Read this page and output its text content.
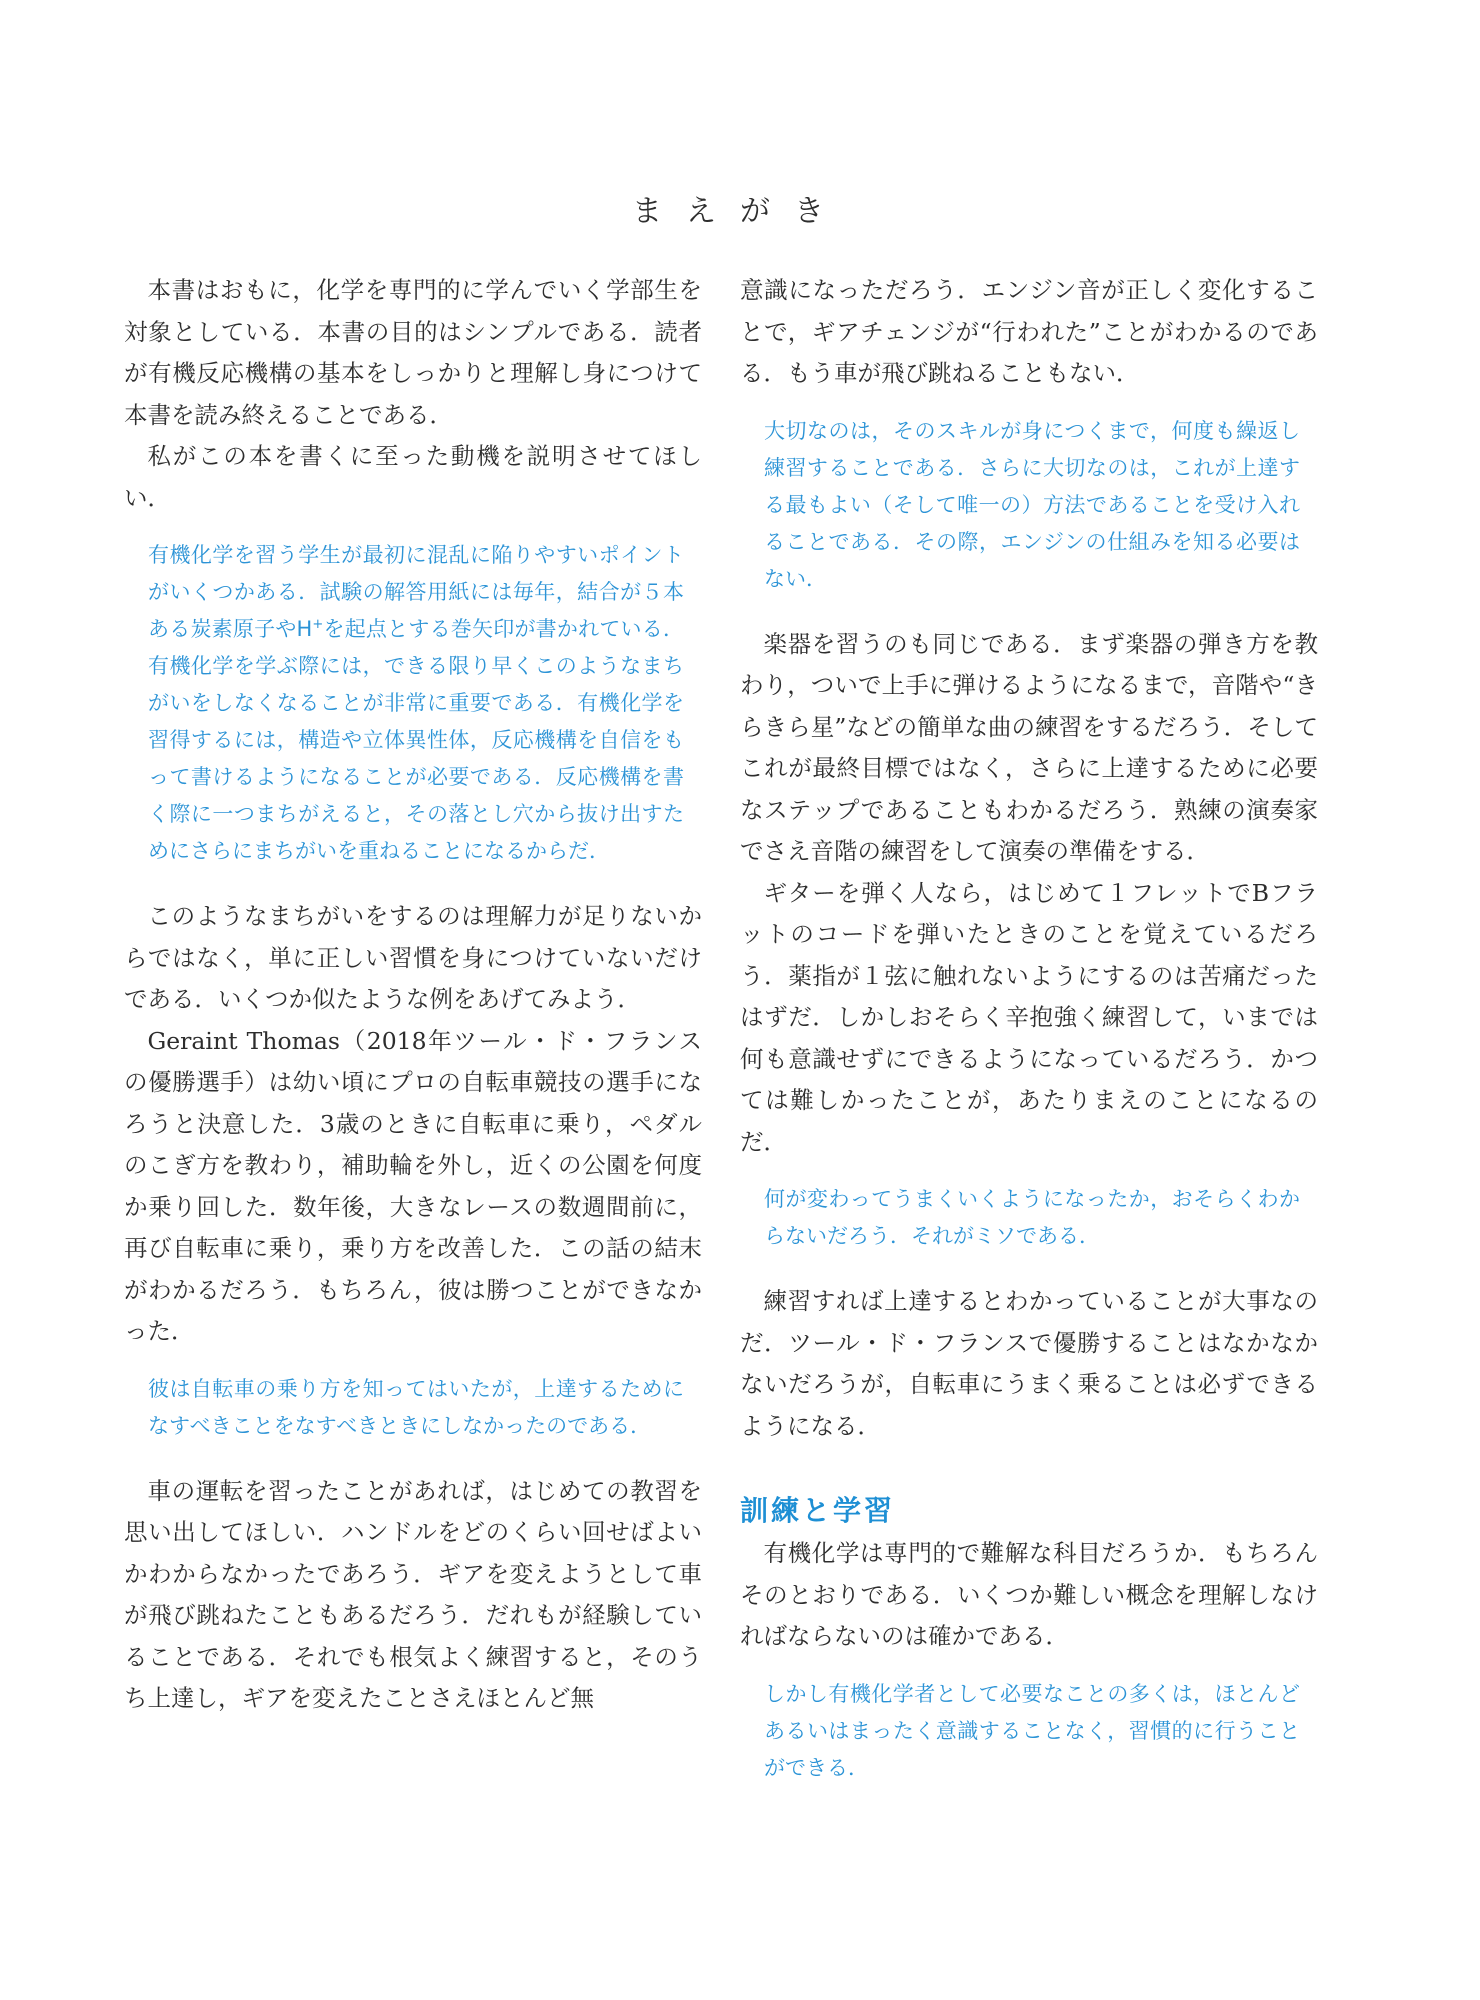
まえがき

本書はおもに，化学を専門的に学んでいく学部生を対象としている．本書の目的はシンプルである．読者が有機反応機構の基本をしっかりと理解し身につけて本書を読み終えることである．

私がこの本を書くに至った動機を説明させてほしい．

有機化学を習う学生が最初に混乱に陥りやすいポイントがいくつかある．試験の解答用紙には毎年，結合が５本ある炭素原子やH+を起点とする巻矢印が書かれている．有機化学を学ぶ際には，できる限り早くこのようなまちがいをしなくなることが非常に重要である．有機化学を習得するには，構造や立体異性体，反応機構を自信をもって書けるようになることが必要である．反応機構を書く際に一つまちがえると，その落とし穴から抜け出すためにさらにまちがいを重ねることになるからだ．

このようなまちがいをするのは理解力が足りないからではなく，単に正しい習慣を身につけていないだけである．いくつか似たような例をあげてみよう．

Geraint Thomas（2018年ツール・ド・フランスの優勝選手）は幼い頃にプロの自転車競技の選手になろうと決意した．3歳のときに自転車に乗り，ペダルのこぎ方を教わり，補助輪を外し，近くの公園を何度か乗り回した．数年後，大きなレースの数週間前に，再び自転車に乗り，乗り方を改善した．この話の結末がわかるだろう．もちろん，彼は勝つことができなかった．

彼は自転車の乗り方を知ってはいたが，上達するためになすべきことをなすべきときにしなかったのである．

車の運転を習ったことがあれば，はじめての教習を思い出してほしい．ハンドルをどのくらい回せばよいかわからなかったであろう．ギアを変えようとして車が飛び跳ねたこともあるだろう．だれもが経験していることである．それでも根気よく練習すると，そのうち上達し，ギアを変えたことさえほとんど無

意識になっただろう．エンジン音が正しく変化することで，ギアチェンジが“行われた”ことがわかるのである．もう車が飛び跳ねることもない．

大切なのは，そのスキルが身につくまで，何度も繰返し練習することである．さらに大切なのは，これが上達する最もよい（そして唯一の）方法であることを受け入れることである．その際，エンジンの仕組みを知る必要はない．

楽器を習うのも同じである．まず楽器の弾き方を教わり，ついで上手に弾けるようになるまで，音階や“きらきら星”などの簡単な曲の練習をするだろう．そしてこれが最終目標ではなく，さらに上達するために必要なステップであることもわかるだろう．熟練の演奏家でさえ音階の練習をして演奏の準備をする．

ギターを弾く人なら，はじめて１フレットでBフラットのコードを弾いたときのことを覚えているだろう．薬指が１弦に触れないようにするのは苦痛だったはずだ．しかしおそらく辛抱強く練習して，いまでは何も意識せずにできるようになっているだろう．かつては難しかったことが，あたりまえのことになるのだ．

何が変わってうまくいくようになったか，おそらくわからないだろう．それがミソである．

練習すれば上達するとわかっていることが大事なのだ．ツール・ド・フランスで優勝することはなかなかないだろうが，自転車にうまく乗ることは必ずできるようになる．

訓練と学習

有機化学は専門的で難解な科目だろうか．もちろんそのとおりである．いくつか難しい概念を理解しなければならないのは確かである．

しかし有機化学者として必要なことの多くは，ほとんどあるいはまったく意識することなく，習慣的に行うことができる．
